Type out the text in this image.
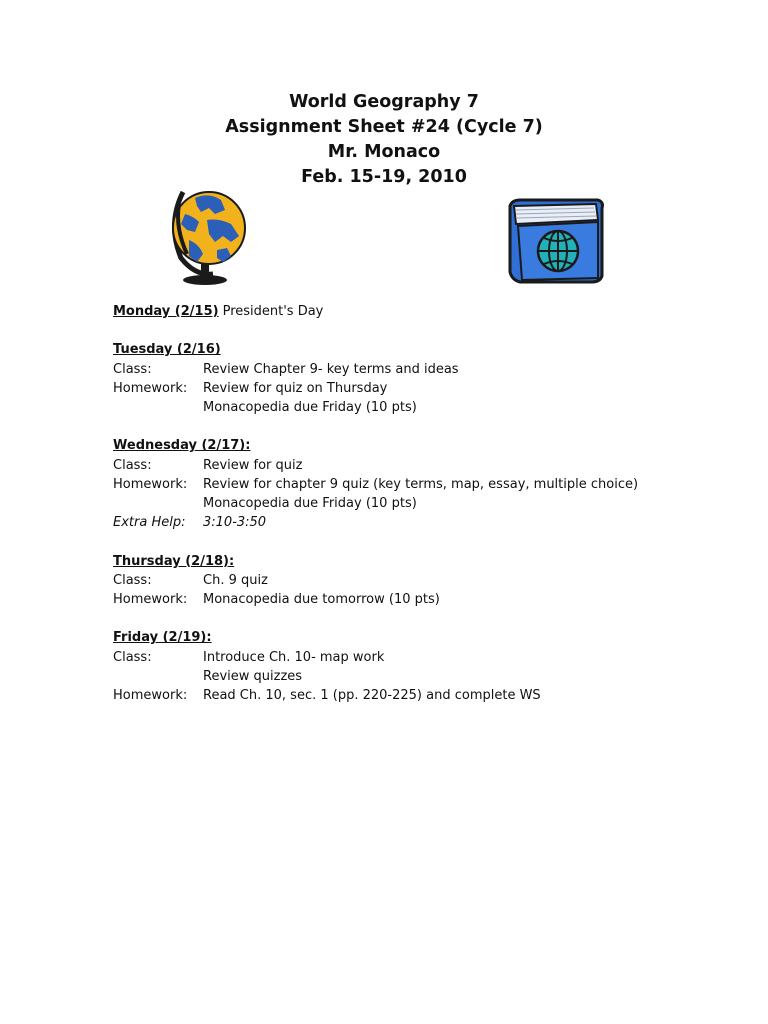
World Geography 7
Assignment Sheet #24 (Cycle 7)
Mr. Monaco
Feb. 15-19, 2010
Monday (2/15) President's Day
Tuesday (2/16)
Class:	Review Chapter 9- key terms and ideas
Homework:	Review for quiz on Thursday
Monacopedia due Friday (10 pts)
Wednesday (2/17):
Class:	Review for quiz
Homework:	Review for chapter 9 quiz (key terms, map, essay, multiple choice)
Monacopedia due Friday (10 pts)
Extra Help:	3:10-3:50
Thursday (2/18):
Class:	Ch. 9 quiz
Homework:	Monacopedia due tomorrow (10 pts)
Friday (2/19):
Class:	Introduce Ch. 10- map work
Review quizzes
Homework:	Read Ch. 10, sec. 1 (pp. 220-225) and complete WS
